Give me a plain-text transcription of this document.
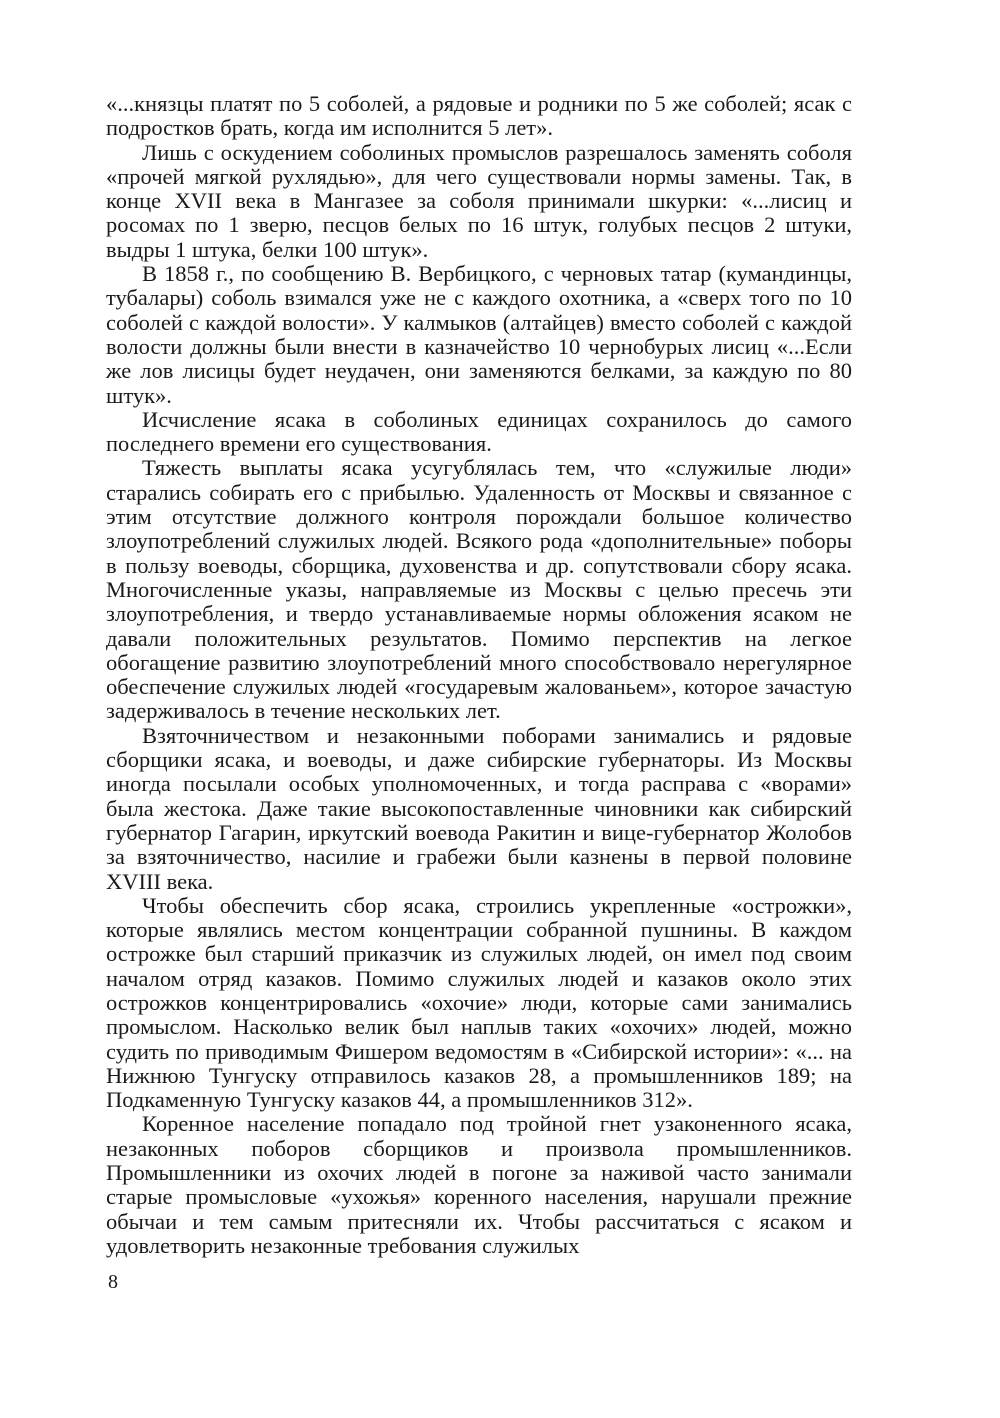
«...князцы платят по 5 соболей, а рядовые и родники по 5 же соболей; ясак с подростков брать, когда им исполнится 5 лет».

Лишь с оскудением соболиных промыслов разрешалось заменять соболя «прочей мягкой рухлядью», для чего существовали нормы замены. Так, в конце XVII века в Мангазее за соболя принимали шкурки: «...лисиц и росомах по 1 зверю, песцов белых по 16 штук, голубых песцов 2 штуки, выдры 1 штука, белки 100 штук».

В 1858 г., по сообщению В. Вербицкого, с черновых татар (кумандинцы, тубалары) соболь взимался уже не с каждого охотника, а «сверх того по 10 соболей с каждой волости». У калмыков (алтайцев) вместо соболей с каждой волости должны были внести в казначейство 10 чернобурых лисиц «...Если же лов лисицы будет неудачен, они заменяются белками, за каждую по 80 штук».

Исчисление ясака в соболиных единицах сохранилось до самого последнего времени его существования.

Тяжесть выплаты ясака усугублялась тем, что «служилые люди» старались собирать его с прибылью. Удаленность от Москвы и связанное с этим отсутствие должного контроля порождали большое количество злоупотреблений служилых людей. Всякого рода «дополнительные» поборы в пользу воеводы, сборщика, духовенства и др. сопутствовали сбору ясака. Многочисленные указы, направляемые из Москвы с целью пресечь эти злоупотребления, и твердо устанавливаемые нормы обложения ясаком не давали положительных результатов. Помимо перспектив на легкое обогащение развитию злоупотреблений много способствовало нерегулярное обеспечение служилых людей «государевым жалованьем», которое зачастую задерживалось в течение нескольких лет.

Взяточничеством и незаконными поборами занимались и рядовые сборщики ясака, и воеводы, и даже сибирские губернаторы. Из Москвы иногда посылали особых уполномоченных, и тогда расправа с «ворами» была жестока. Даже такие высокопоставленные чиновники как сибирский губернатор Гагарин, иркутский воевода Ракитин и вице-губернатор Жолобов за взяточничество, насилие и грабежи были казнены в первой половине XVIII века.

Чтобы обеспечить сбор ясака, строились укрепленные «острожки», которые являлись местом концентрации собранной пушнины. В каждом острожке был старший приказчик из служилых людей, он имел под своим началом отряд казаков. Помимо служилых людей и казаков около этих острожков концентрировались «охочие» люди, которые сами занимались промыслом. Насколько велик был наплыв таких «охочих» людей, можно судить по приводимым Фишером ведомостям в «Сибирской истории»: «... на Нижнюю Тунгуску отправилось казаков 28, а промышленников 189; на Подкаменную Тунгуску казаков 44, а промышленников 312».

Коренное население попадало под тройной гнет узаконенного ясака, незаконных поборов сборщиков и произвола промышленников. Промышленники из охочих людей в погоне за наживой часто занимали старые промысловые «ухожья» коренного населения, нарушали прежние обычаи и тем самым притесняли их. Чтобы рассчитаться с ясаком и удовлетворить незаконные требования служилых

8
